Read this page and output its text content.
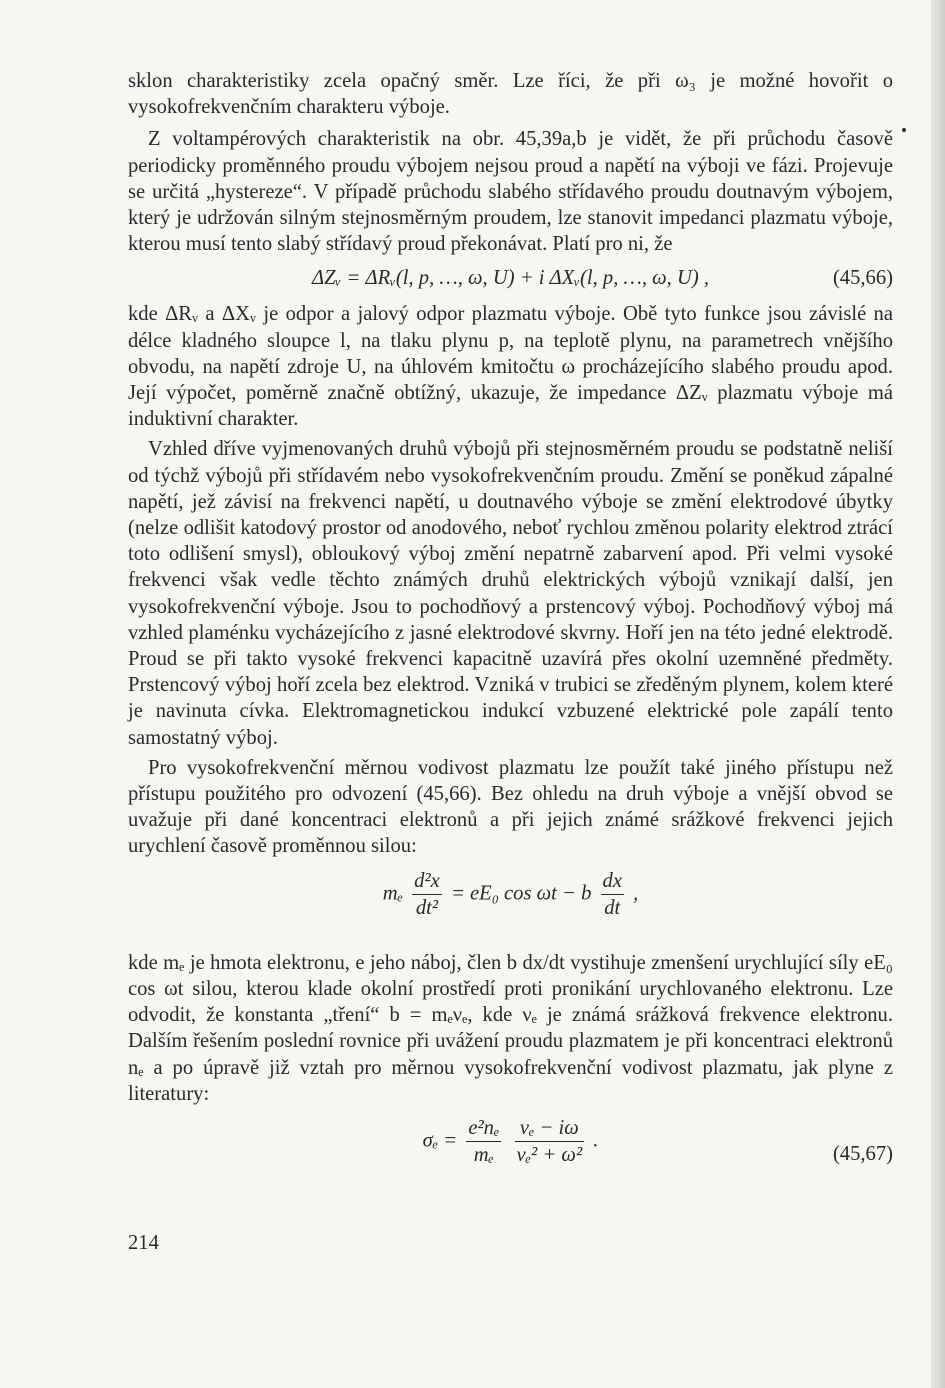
sklon charakteristiky zcela opačný směr. Lze říci, že při ω₃ je možné hovořit o vysokofrekvenčním charakteru výboje.

Z voltampérových charakteristik na obr. 45,39a,b je vidět, že při průchodu časově periodicky proměnného proudu výbojem nejsou proud a napětí na výboji ve fázi. Projevuje se určitá „hystereze“. V případě průchodu slabého střídavého proudu doutnavým výbojem, který je udržován silným stejnosměrným proudem, lze stanovit impedanci plazmatu výboje, kterou musí tento slabý střídavý proud překonávat. Platí pro ni, že

ΔZᵥ = ΔRᵥ(l, p, …, ω, U) + i ΔXᵥ(l, p, …, ω, U) ,	(45,66)

kde ΔRᵥ a ΔXᵥ je odpor a jalový odpor plazmatu výboje. Obě tyto funkce jsou závislé na délce kladného sloupce l, na tlaku plynu p, na teplotě plynu, na parametrech vnějšího obvodu, na napětí zdroje U, na úhlovém kmitočtu ω procházejícího slabého proudu apod. Její výpočet, poměrně značně obtížný, ukazuje, že impedance ΔZᵥ plazmatu výboje má induktivní charakter.

Vzhled dříve vyjmenovaných druhů výbojů při stejnosměrném proudu se podstatně neliší od týchž výbojů při střídavém nebo vysokofrekvenčním proudu. Změní se poněkud zápalné napětí, jež závisí na frekvenci napětí, u doutnavého výboje se změní elektrodové úbytky (nelze odlišit katodový prostor od anodového, neboť rychlou změnou polarity elektrod ztrácí toto odlišení smysl), obloukový výboj změní nepatrně zabarvení apod. Při velmi vysoké frekvenci však vedle těchto známých druhů elektrických výbojů vznikají další, jen vysokofrekvenční výboje. Jsou to pochodňový a prstencový výboj. Pochodňový výboj má vzhled plaménku vycházejícího z jasné elektrodové skvrny. Hoří jen na této jedné elektrodě. Proud se při takto vysoké frekvenci kapacitně uzavírá přes okolní uzemněné předměty. Prstencový výboj hoří zcela bez elektrod. Vzniká v trubici se zředěným plynem, kolem které je navinuta cívka. Elektromagnetickou indukcí vzbuzené elektrické pole zapálí tento samostatný výboj.

Pro vysokofrekvenční měrnou vodivost plazmatu lze použít také jiného přístupu než přístupu použitého pro odvození (45,66). Bez ohledu na druh výboje a vnější obvod se uvažuje při dané koncentraci elektronů a při jejich známé srážkové frekvenci jejich urychlení časově proměnnou silou:

mₑ $\frac{\text{d²x}}{\text{dt²}} = eE_0$ cos ωt − b $\frac{dx}{dt}$ ,

kde mₑ je hmota elektronu, e jeho náboj, člen b dx/dt vystihuje zmenšení urychlující síly eE₀ cos ωt silou, kterou klade okolní prostředí proti pronikání urychlovaného elektronu. Lze odvodit, že konstanta „tření“ b = mₑνₑ, kde νₑ je známá srážková frekvence elektronu. Dalším řešením poslední rovnice při uvážení proudu plazmatem je při koncentraci elektronů nₑ a po úpravě již vztah pro měrnou vysokofrekvenční vodivost plazmatu, jak plyne z literatury:

$\sigma_e = \frac{\text{e²nₑ}}{\text{mₑ}}$
$\frac{\text{νₑ − iω}}{\text{νₑ² + ω²}}$ .
(45,67)
214
